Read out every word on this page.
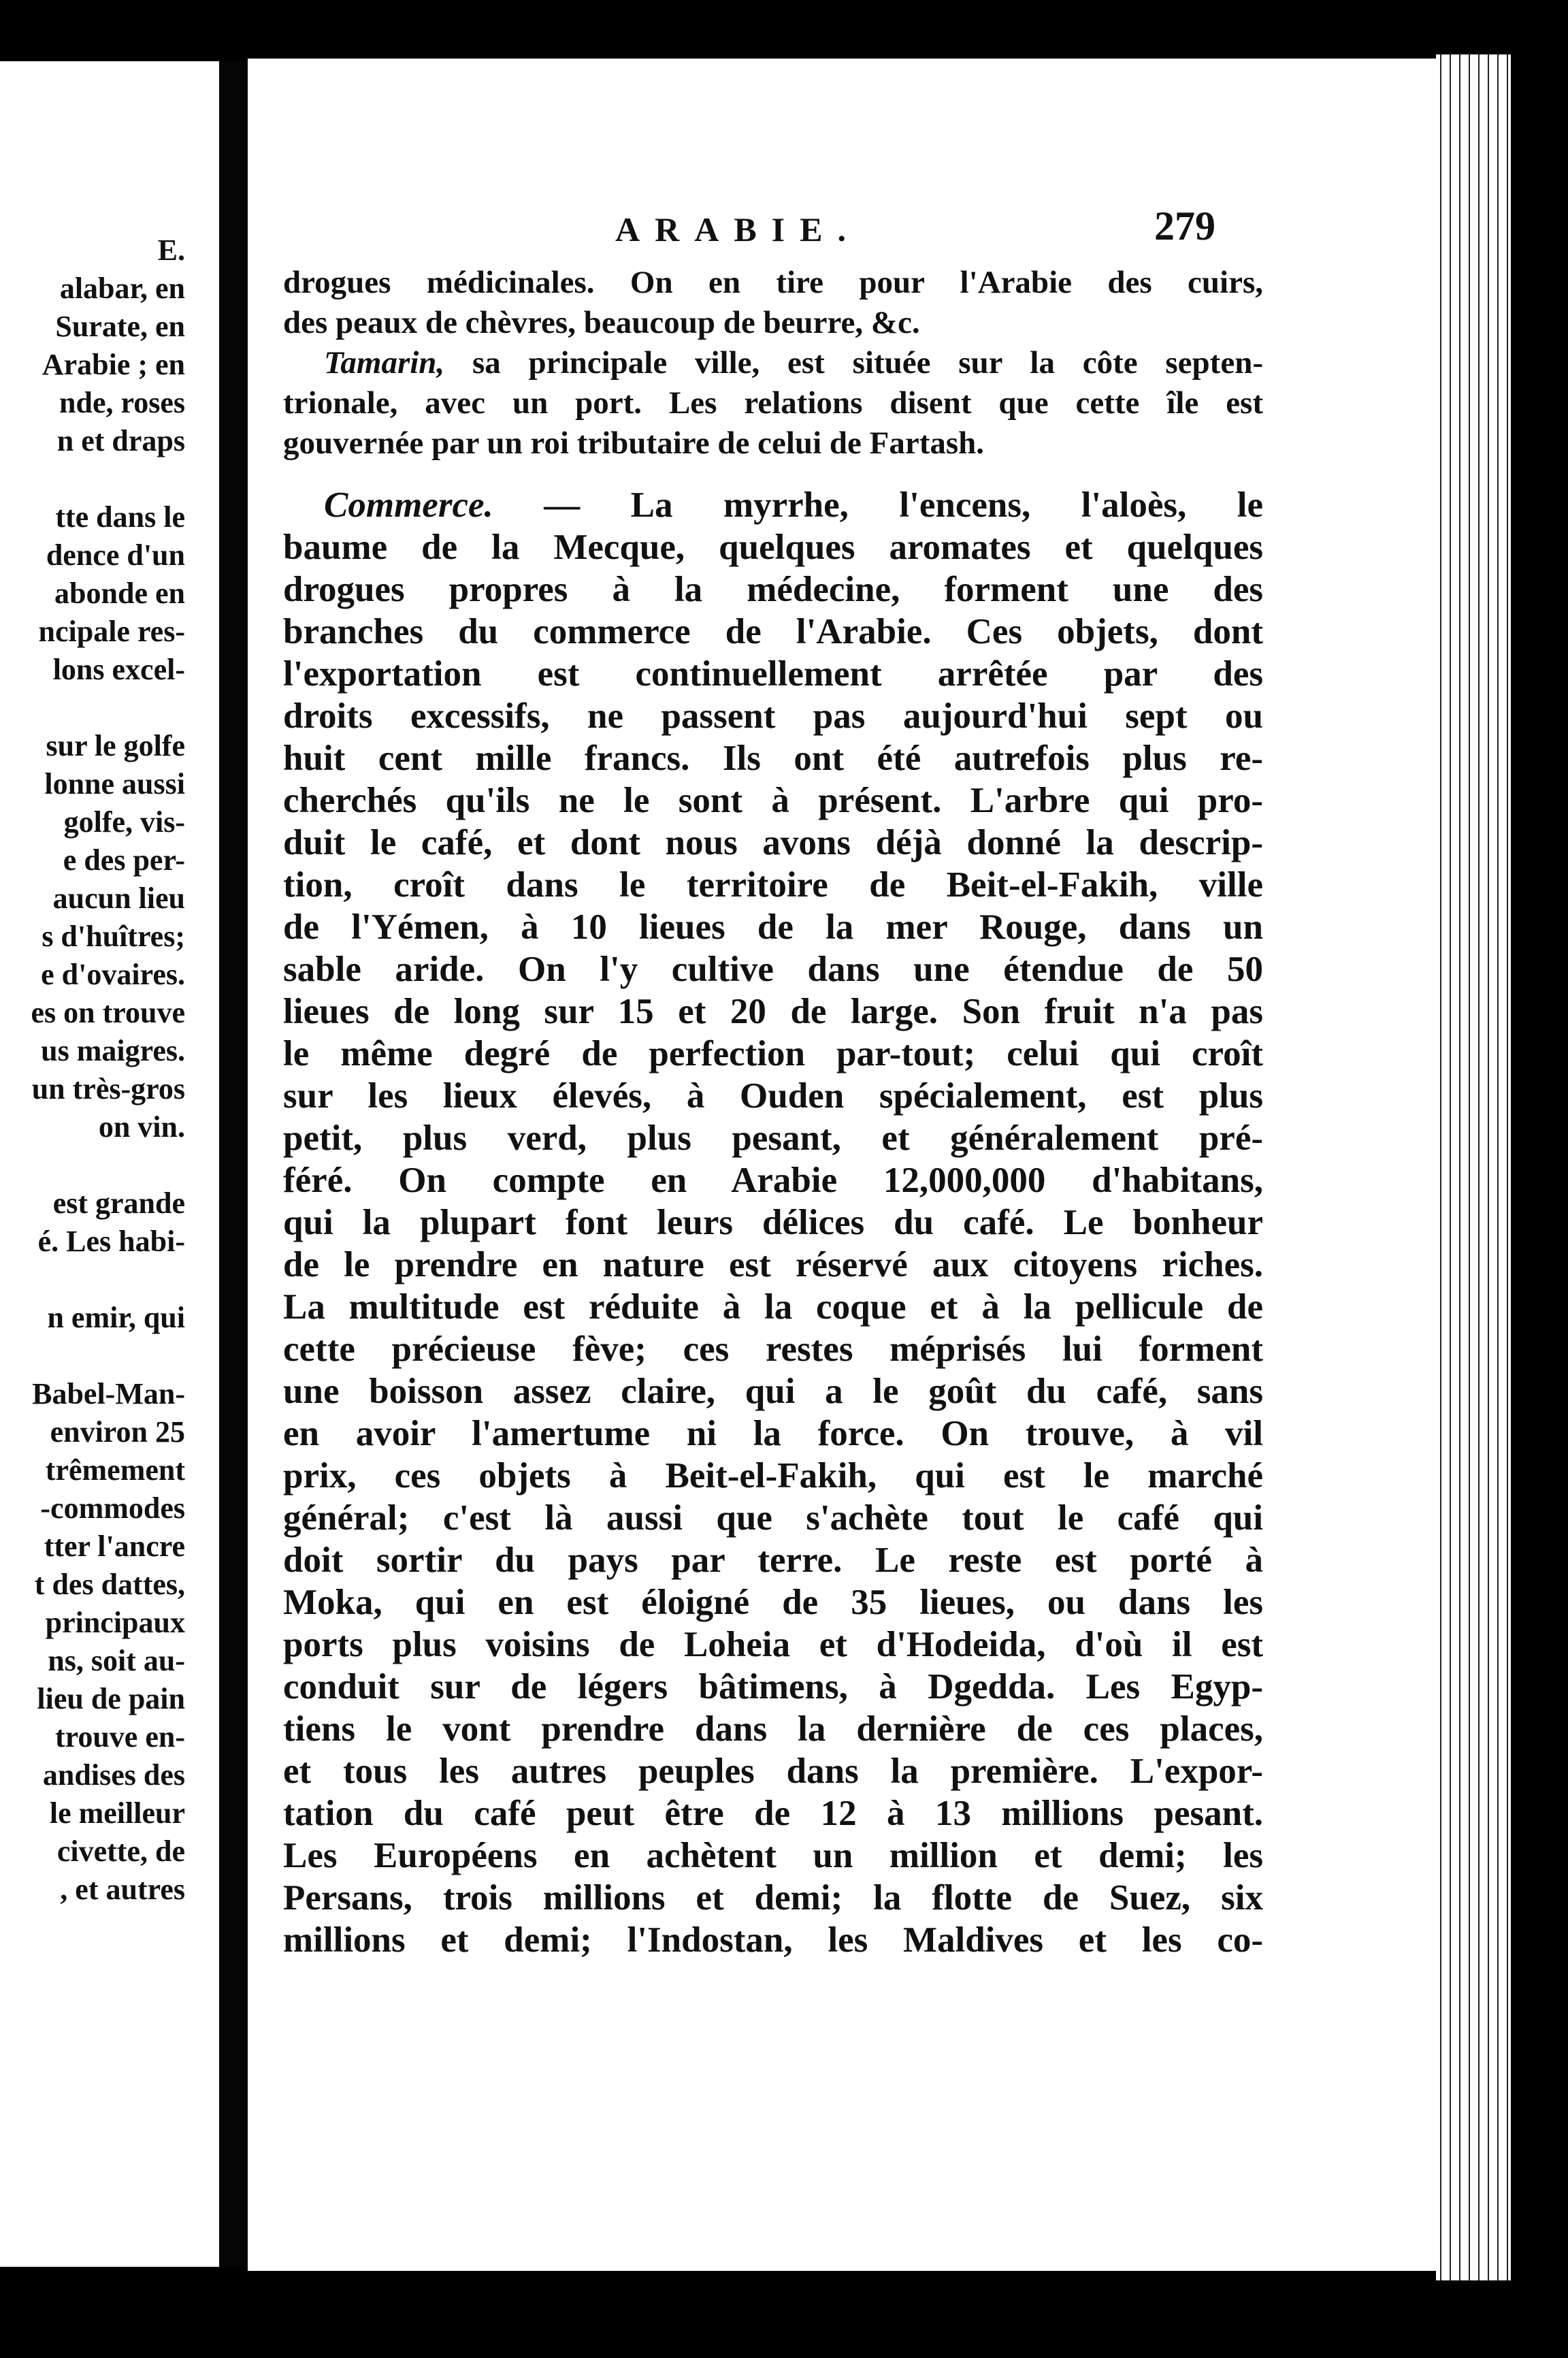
E.
alabar, en
Surate, en
Arabie ; en
nde, roses
n et draps
tte dans le
dence d'un
abonde en
ncipale res-
lons excel-
sur le golfe
lonne aussi
golfe, vis-
e des per-
aucun lieu
s d'huîtres;
e d'ovaires.
es on trouve
us maigres.
un très-gros
on vin.
est grande
é. Les habi-
n emir, qui
Babel-Man-
environ 25
trêmement
-commodes
tter l'ancre
t des dattes,
principaux
ns, soit au-
lieu de pain
trouve en-
andises des
le meilleur
civette, de
, et autres
ARABIE.	279
drogues médicinales. On en tire pour l'Arabie des cuirs,
des peaux de chèvres, beaucoup de beurre, &c.
Tamarin, sa principale ville, est située sur la côte septen-
trionale, avec un port. Les relations disent que cette île est
gouvernée par un roi tributaire de celui de Fartash.
Commerce. — La myrrhe, l'encens, l'aloès, le
baume de la Mecque, quelques aromates et quelques
drogues propres à la médecine, forment une des
branches du commerce de l'Arabie. Ces objets, dont
l'exportation est continuellement arrêtée par des
droits excessifs, ne passent pas aujourd'hui sept ou
huit cent mille francs. Ils ont été autrefois plus re-
cherchés qu'ils ne le sont à présent. L'arbre qui pro-
duit le café, et dont nous avons déjà donné la descrip-
tion, croît dans le territoire de Beit-el-Fakih, ville
de l'Yémen, à 10 lieues de la mer Rouge, dans un
sable aride. On l'y cultive dans une étendue de 50
lieues de long sur 15 et 20 de large. Son fruit n'a pas
le même degré de perfection par-tout; celui qui croît
sur les lieux élevés, à Ouden spécialement, est plus
petit, plus verd, plus pesant, et généralement pré-
féré. On compte en Arabie 12,000,000 d'habitans,
qui la plupart font leurs délices du café. Le bonheur
de le prendre en nature est réservé aux citoyens riches.
La multitude est réduite à la coque et à la pellicule de
cette précieuse fève; ces restes méprisés lui forment
une boisson assez claire, qui a le goût du café, sans
en avoir l'amertume ni la force. On trouve, à vil
prix, ces objets à Beit-el-Fakih, qui est le marché
général; c'est là aussi que s'achète tout le café qui
doit sortir du pays par terre. Le reste est porté à
Moka, qui en est éloigné de 35 lieues, ou dans les
ports plus voisins de Loheia et d'Hodeida, d'où il est
conduit sur de légers bâtimens, à Dgedda. Les Egyp-
tiens le vont prendre dans la dernière de ces places,
et tous les autres peuples dans la première. L'expor-
tation du café peut être de 12 à 13 millions pesant.
Les Européens en achètent un million et demi; les
Persans, trois millions et demi; la flotte de Suez, six
millions et demi; l'Indostan, les Maldives et les co-
